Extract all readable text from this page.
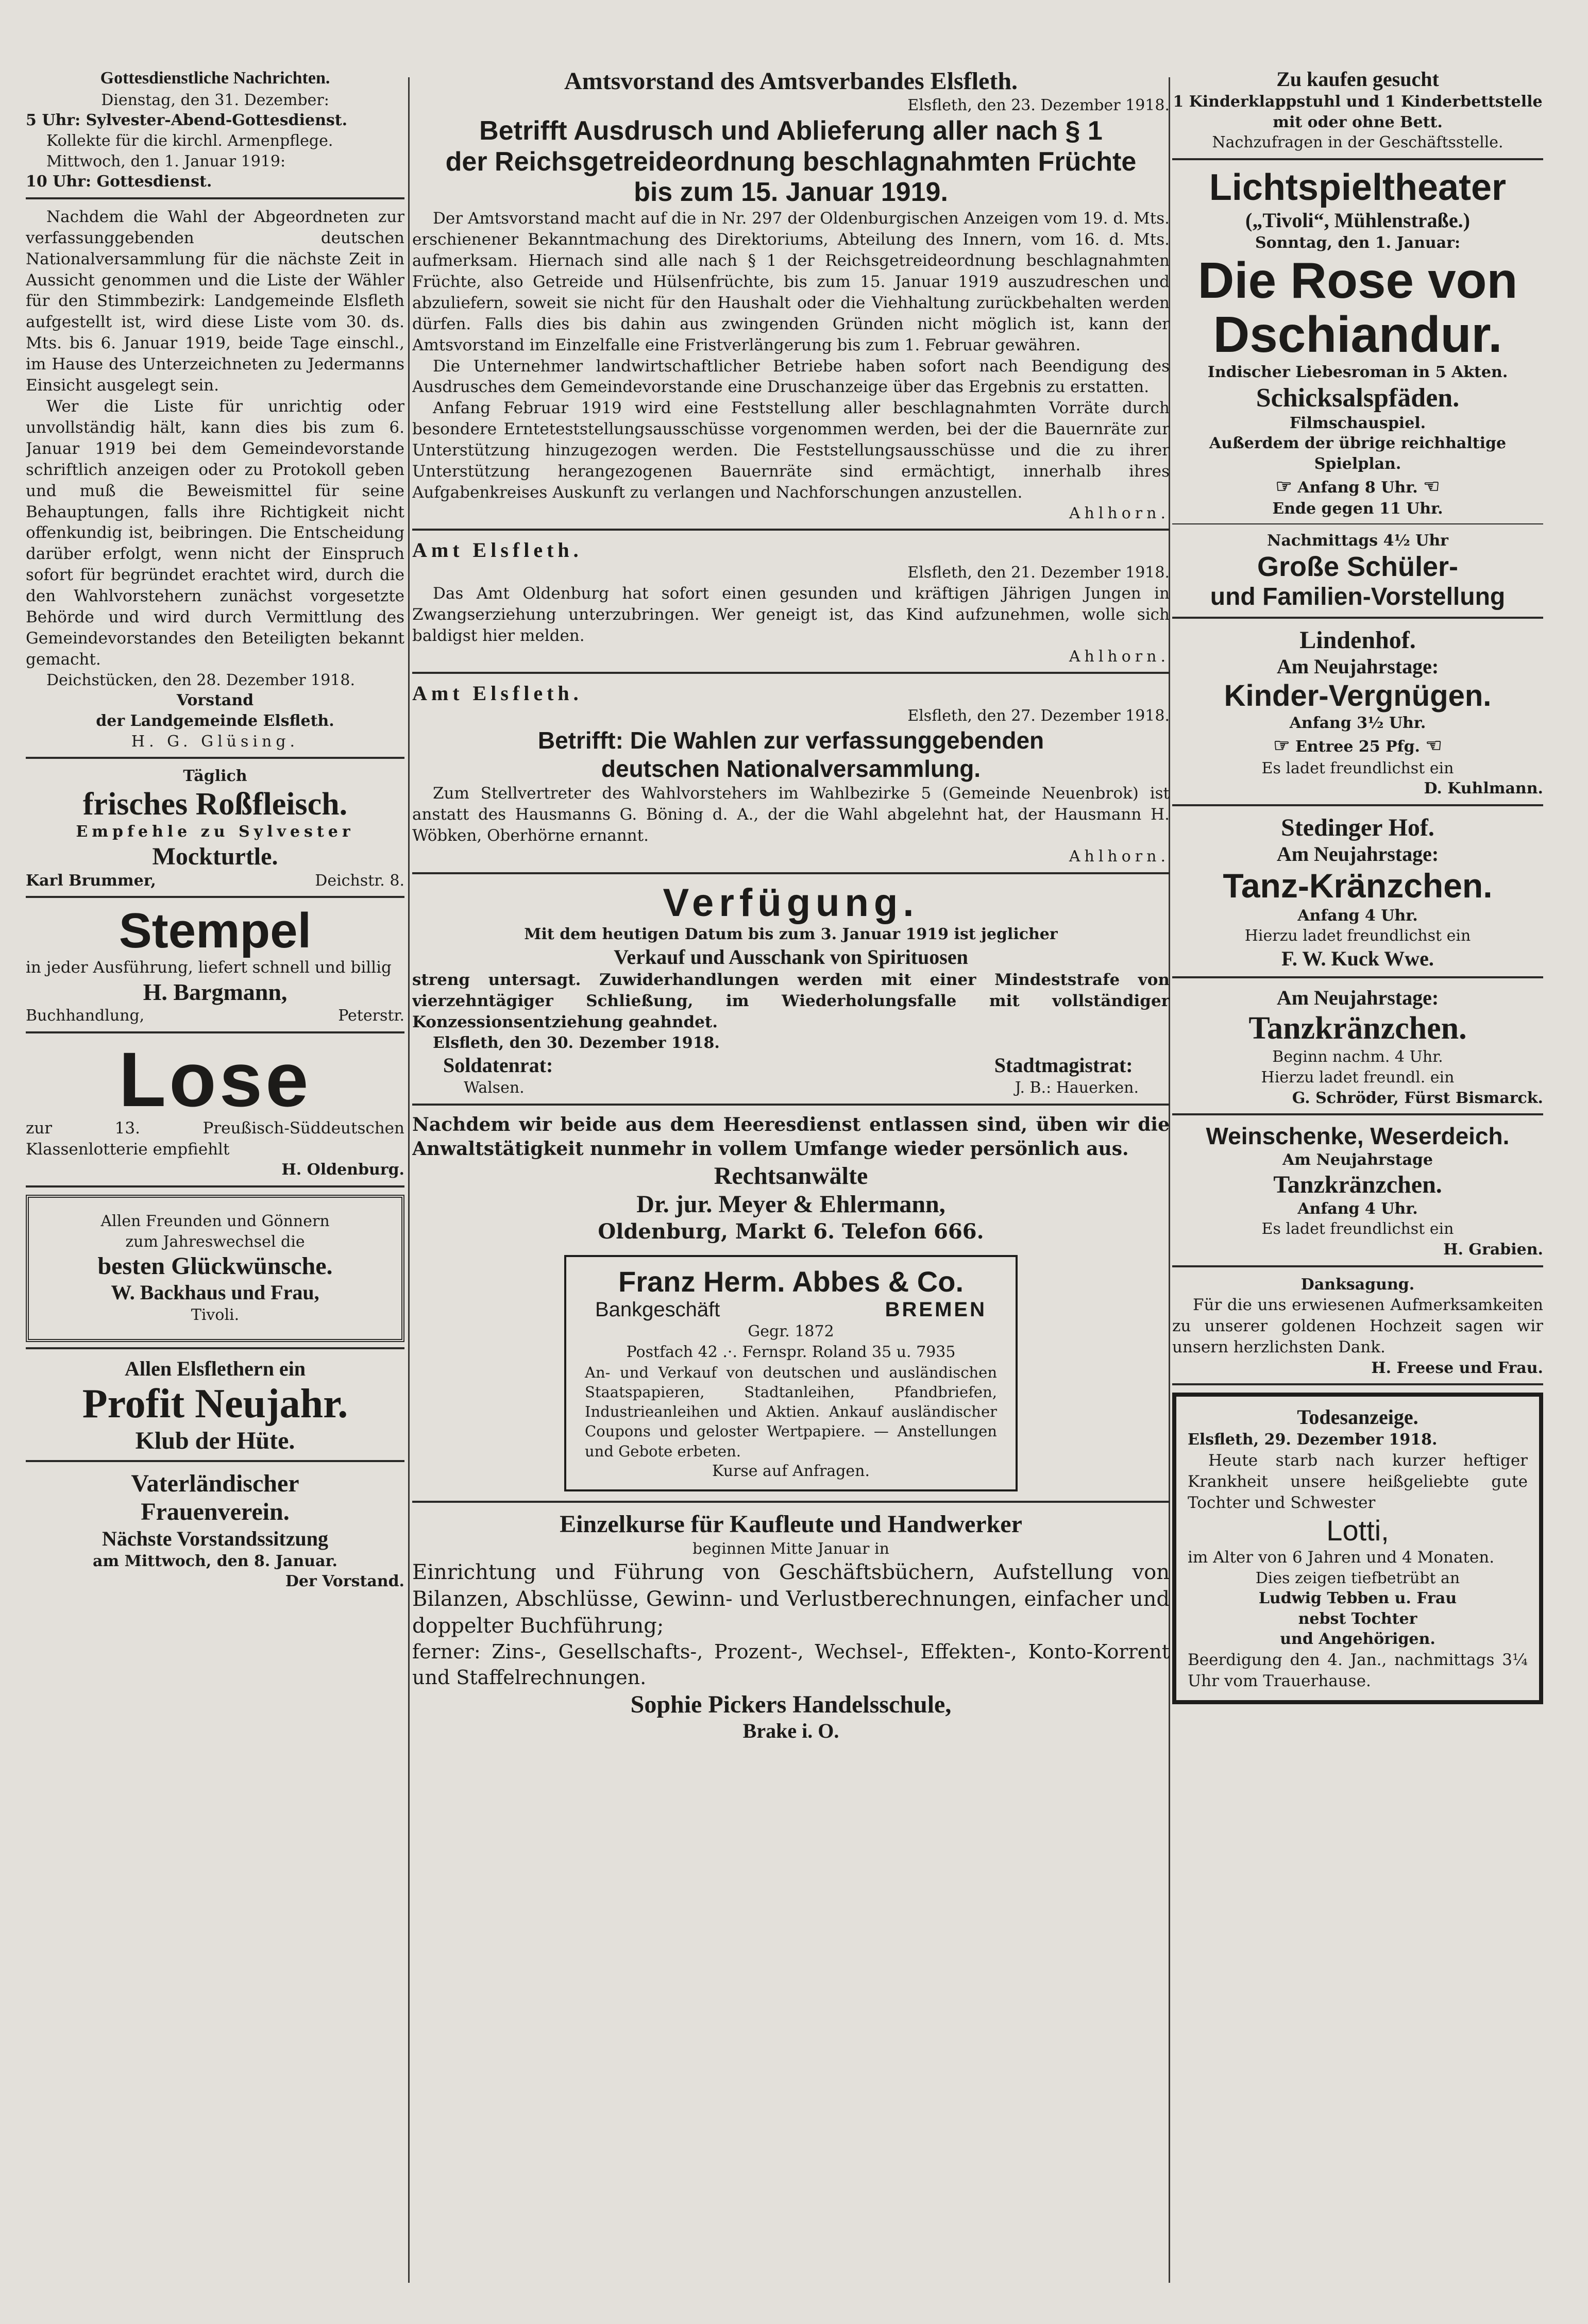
Gottesdienstliche Nachrichten.
Dienstag, den 31. Dezember:
5 Uhr: Sylvester-Abend-Gottesdienst.
Kollekte für die kirchl. Armenpflege.
Mittwoch, den 1. Januar 1919:
10 Uhr: Gottesdienst.

Nachdem die Wahl der Abgeordneten zur verfassunggebenden deutschen Nationalversammlung für die nächste Zeit in Aussicht genommen und die Liste der Wähler für den Stimmbezirk: Landgemeinde Elsfleth aufgestellt ist, wird diese Liste vom 30. ds. Mts. bis 6. Januar 1919, beide Tage einschl., im Hause des Unterzeichneten zu Jedermanns Einsicht ausgelegt sein.

Wer die Liste für unrichtig oder unvollständig hält, kann dies bis zum 6. Januar 1919 bei dem Gemeindevorstande schriftlich anzeigen oder zu Protokoll geben und muß die Beweismittel für seine Behauptungen, falls ihre Richtigkeit nicht offenkundig ist, beibringen. Die Entscheidung darüber erfolgt, wenn nicht der Einspruch sofort für begründet erachtet wird, durch die den Wahlvorstehern zunächst vorgesetzte Behörde und wird durch Vermittlung des Gemeindevorstandes den Beteiligten bekannt gemacht.

Deichstücken, den 28. Dezember 1918.
Vorstand
der Landgemeinde Elsfleth.
H. G. Glüsing.
Täglich
frisches Roßfleisch.
Empfehle zu Sylvester
Mockturtle.
Karl Brummer,	Deichstr. 8.
Stempel

in jeder Ausführung, liefert schnell und billig

H. Bargmann,
Buchhandlung,	Peterstr.
Lose

zur 13. Preußisch-Süddeutschen Klassenlotterie empfiehlt

H. Oldenburg.
Allen Freunden und Gönnern
zum Jahreswechsel die
besten Glückwünsche.
W. Backhaus und Frau,
Tivoli.
Allen Elsflethern ein
Profit Neujahr.
Klub der Hüte.
Vaterländischer
Frauenverein.
Nächste Vorstandssitzung
am Mittwoch, den 8. Januar.
Der Vorstand.
Amtsvorstand des Amtsverbandes Elsfleth.
Elsfleth, den 23. Dezember 1918.
Betrifft Ausdrusch und Ablieferung aller nach § 1
der Reichsgetreideordnung beschlagnahmten Früchte
bis zum 15. Januar 1919.

Der Amtsvorstand macht auf die in Nr. 297 der Oldenburgischen Anzeigen vom 19. d. Mts. erschienener Bekanntmachung des Direktoriums, Abteilung des Innern, vom 16. d. Mts. aufmerksam. Hiernach sind alle nach § 1 der Reichsgetreideordnung beschlagnahmten Früchte, also Getreide und Hülsenfrüchte, bis zum 15. Januar 1919 auszudreschen und abzuliefern, soweit sie nicht für den Haushalt oder die Viehhaltung zurückbehalten werden dürfen. Falls dies bis dahin aus zwingenden Gründen nicht möglich ist, kann der Amtsvorstand im Einzelfalle eine Fristverlängerung bis zum 1. Februar gewähren.

Die Unternehmer landwirtschaftlicher Betriebe haben sofort nach Beendigung des Ausdrusches dem Gemeindevorstande eine Druschanzeige über das Ergebnis zu erstatten.

Anfang Februar 1919 wird eine Feststellung aller beschlagnahmten Vorräte durch besondere Ernteteststellungsausschüsse vorgenommen werden, bei der die Bauernräte zur Unterstützung hinzugezogen werden. Die Feststellungsausschüsse und die zu ihrer Unterstützung herangezogenen Bauernräte sind ermächtigt, innerhalb ihres Aufgabenkreises Auskunft zu verlangen und Nachforschungen anzustellen.

Ahlhorn.
Amt Elsfleth.
Elsfleth, den 21. Dezember 1918.

Das Amt Oldenburg hat sofort einen gesunden und kräftigen Jährigen Jungen in Zwangserziehung unterzubringen. Wer geneigt ist, das Kind aufzunehmen, wolle sich baldigst hier melden.

Ahlhorn.
Amt Elsfleth.
Elsfleth, den 27. Dezember 1918.
Betrifft: Die Wahlen zur verfassunggebenden
deutschen Nationalversammlung.

Zum Stellvertreter des Wahlvorstehers im Wahlbezirke 5 (Gemeinde Neuenbrok) ist anstatt des Hausmanns G. Böning d. A., der die Wahl abgelehnt hat, der Hausmann H. Wöbken, Oberhörne ernannt.

Ahlhorn.
Verfügung.
Mit dem heutigen Datum bis zum 3. Januar 1919 ist jeglicher
Verkauf und Ausschank von Spirituosen

streng untersagt. Zuwiderhandlungen werden mit einer Mindeststrafe von vierzehntägiger Schließung, im Wiederholungsfalle mit vollständiger Konzessionsentziehung geahndet.

Elsfleth, den 30. Dezember 1918.
Soldatenrat:
Walsen.
Stadtmagistrat:
J. B.: Hauerken.

Nachdem wir beide aus dem Heeresdienst entlassen sind, üben wir die Anwaltstätigkeit nunmehr in vollem Umfange wieder persönlich aus.

Rechtsanwälte
Dr. jur. Meyer & Ehlermann,
Oldenburg, Markt 6. Telefon 666.
Franz Herm. Abbes & Co.
Bankgeschäft	BREMEN
Gegr. 1872
Postfach 42 .·. Fernspr. Roland 35 u. 7935

An- und Verkauf von deutschen und ausländischen Staatspapieren, Stadtanleihen, Pfandbriefen, Industrieanleihen und Aktien. Ankauf ausländischer Coupons und geloster Wertpapiere. — Anstellungen und Gebote erbeten.

Kurse auf Anfragen.
Einzelkurse für Kaufleute und Handwerker
beginnen Mitte Januar in

Einrichtung und Führung von Geschäftsbüchern, Aufstellung von Bilanzen, Abschlüsse, Gewinn- und Verlustberechnungen, einfacher und doppelter Buchführung;

ferner: Zins-, Gesellschafts-, Prozent-, Wechsel-, Effekten-, Konto-Korrent und Staffelrechnungen.

Sophie Pickers Handelsschule,
Brake i. O.
Zu kaufen gesucht
1 Kinderklappstuhl und 1 Kinderbettstelle mit oder ohne Bett.
Nachzufragen in der Geschäftsstelle.
Lichtspieltheater
(„Tivoli“, Mühlenstraße.)
Sonntag, den 1. Januar:
Die Rose von
Dschiandur.
Indischer Liebesroman in 5 Akten.
Schicksalspfäden.
Filmschauspiel.
Außerdem der übrige reichhaltige Spielplan.
☞ Anfang 8 Uhr. ☜
Ende gegen 11 Uhr.
Nachmittags 4½ Uhr
Große Schüler-
und Familien-Vorstellung
Lindenhof.
Am Neujahrstage:
Kinder-Vergnügen.
Anfang 3½ Uhr.
☞ Entree 25 Pfg. ☜
Es ladet freundlichst ein
D. Kuhlmann.
Stedinger Hof.
Am Neujahrstage:
Tanz-Kränzchen.
Anfang 4 Uhr.
Hierzu ladet freundlichst ein
F. W. Kuck Wwe.
Am Neujahrstage:
Tanzkränzchen.
Beginn nachm. 4 Uhr.
Hierzu ladet freundl. ein
G. Schröder, Fürst Bismarck.
Weinschenke, Weserdeich.
Am Neujahrstage
Tanzkränzchen.
Anfang 4 Uhr.
Es ladet freundlichst ein
H. Grabien.
Danksagung.

Für die uns erwiesenen Aufmerksamkeiten zu unserer goldenen Hochzeit sagen wir unsern herzlichsten Dank.

H. Freese und Frau.
Todesanzeige.
Elsfleth, 29. Dezember 1918.

Heute starb nach kurzer heftiger Krankheit unsere heißgeliebte gute Tochter und Schwester

Lotti,

im Alter von 6 Jahren und 4 Monaten.

Dies zeigen tiefbetrübt an
Ludwig Tebben u. Frau
nebst Tochter
und Angehörigen.

Beerdigung den 4. Jan., nachmittags 3¼ Uhr vom Trauerhause.
